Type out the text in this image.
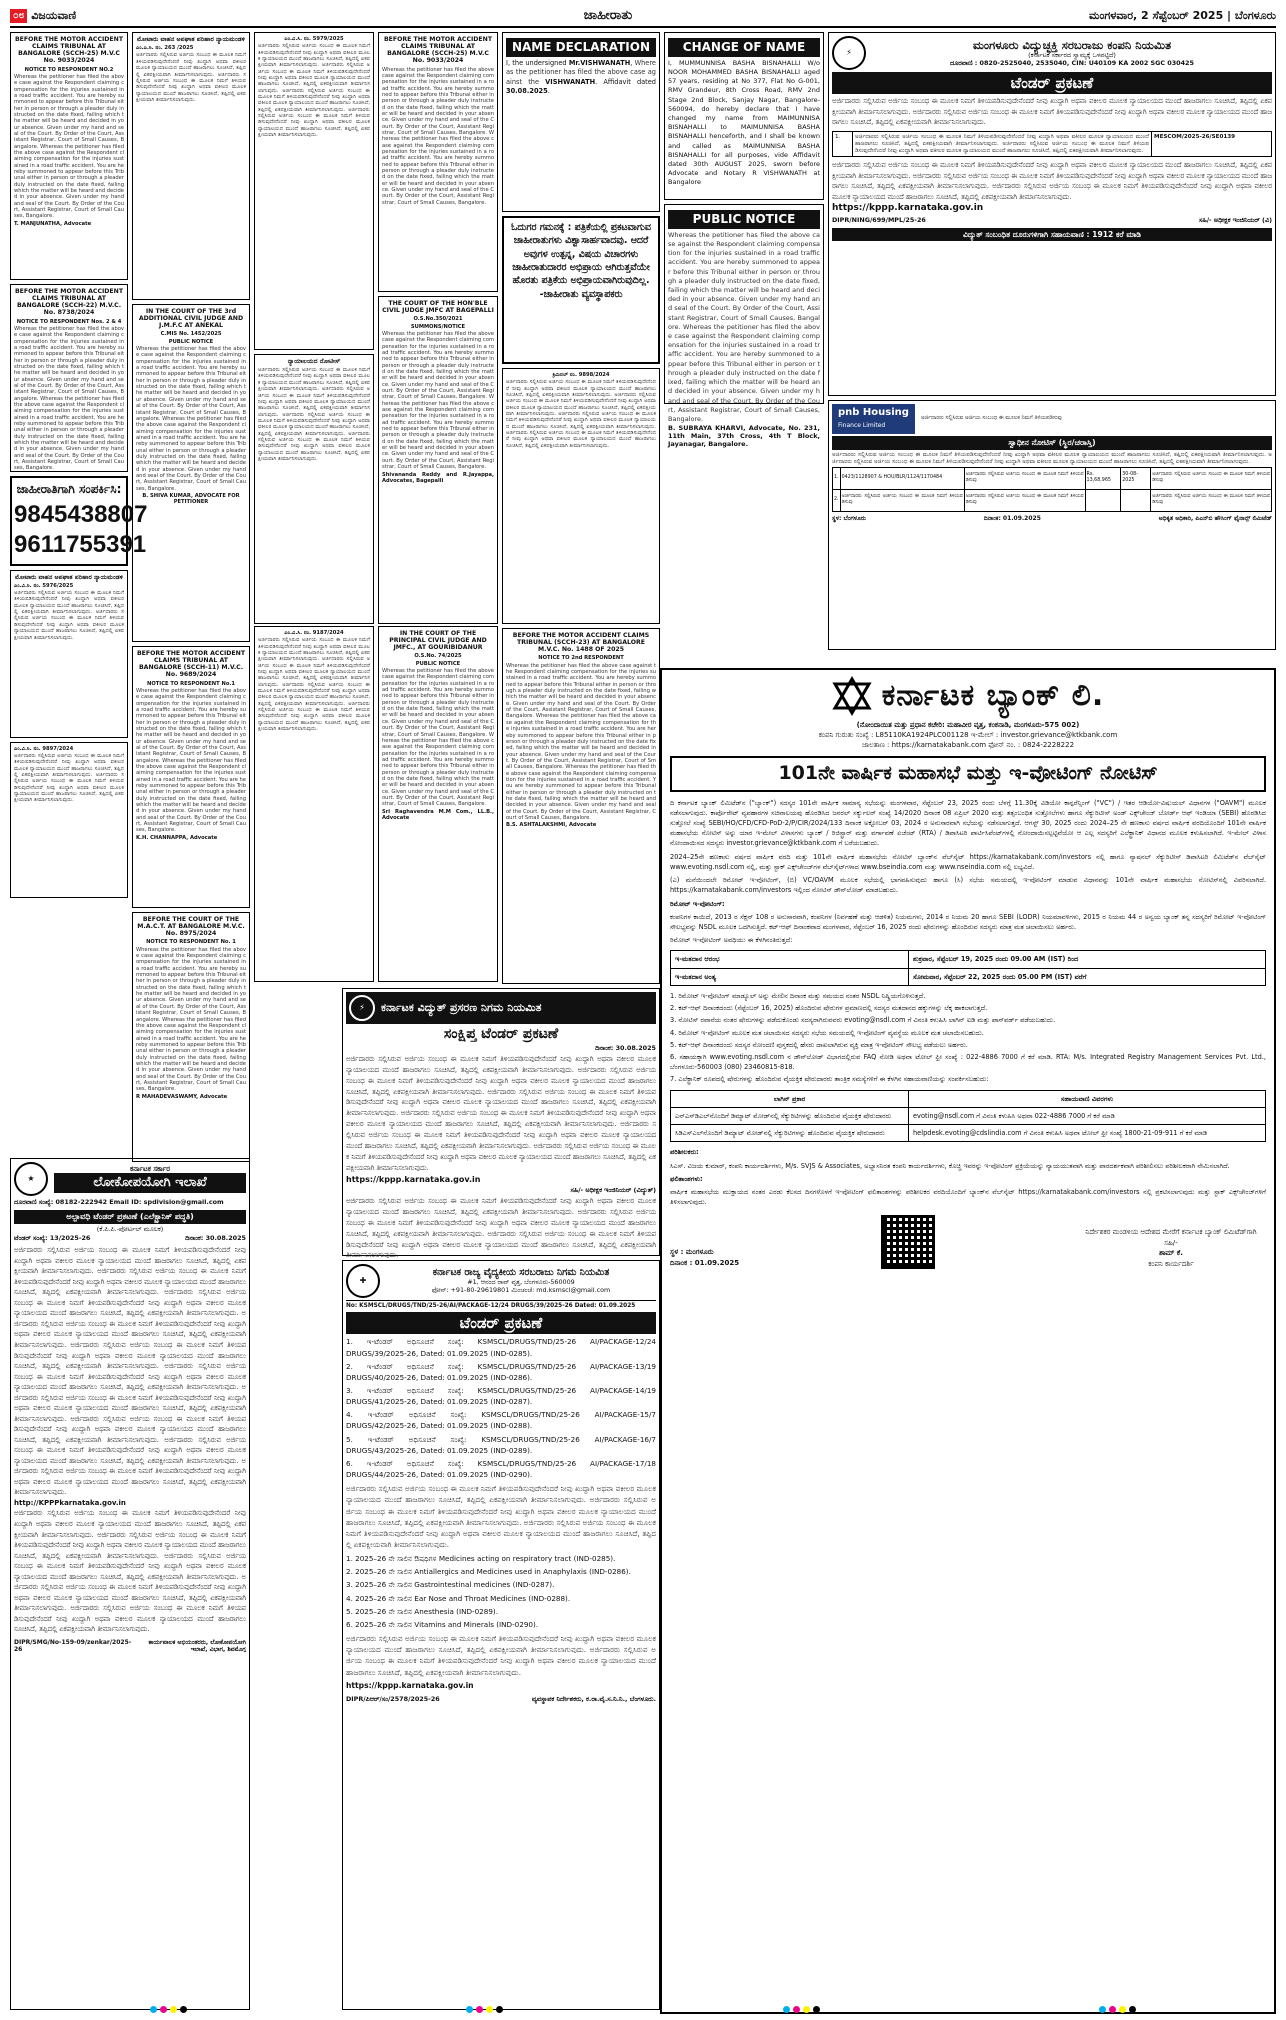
೦೮ ವಿಜಯವಾಣಿ	ಜಾಹೀರಾತು	ಮಂಗಳವಾರ, 2 ಸೆಪ್ಟೆಂಬರ್ 2025 | ಬೆಂಗಳೂರು
BEFORE THE MOTOR ACCIDENT CLAIMS TRIBUNAL AT BANGALORE (SCCH-25) M.V.C No. 9033/2024

NOTICE TO RESPONDENT NO.2

Whereas the petitioner has filed the above case against the Respondent claiming compensation for the injuries sustained in a road traffic accident. You are hereby summoned to appear before this Tribunal either in person or through a pleader duly instructed on the date fixed, failing which the matter will be heard and decided in your absence. Given under my hand and seal of the Court. By Order of the Court, Assistant Registrar, Court of Small Causes, Bangalore. Whereas the petitioner has filed the above case against the Respondent claiming compensation for the injuries sustained in a road traffic accident. You are hereby summoned to appear before this Tribunal either in person or through a pleader duly instructed on the date fixed, failing which the matter will be heard and decided in your absence. Given under my hand and seal of the Court. By Order of the Court, Assistant Registrar, Court of Small Causes, Bangalore.

T. MANJUNATHA, Advocate

BEFORE THE MOTOR ACCIDENT CLAIMS TRIBUNAL AT BANGALORE (SCCH-22) M.V.C. No. 8738/2024

NOTICE TO RESPONDENT Nos. 2 & 4

Whereas the petitioner has filed the above case against the Respondent claiming compensation for the injuries sustained in a road traffic accident. You are hereby summoned to appear before this Tribunal either in person or through a pleader duly instructed on the date fixed, failing which the matter will be heard and decided in your absence. Given under my hand and seal of the Court. By Order of the Court, Assistant Registrar, Court of Small Causes, Bangalore. Whereas the petitioner has filed the above case against the Respondent claiming compensation for the injuries sustained in a road traffic accident. You are hereby summoned to appear before this Tribunal either in person or through a pleader duly instructed on the date fixed, failing which the matter will be heard and decided in your absence. Given under my hand and seal of the Court. By Order of the Court, Assistant Registrar, Court of Small Causes, Bangalore.

ಜಾಹೀರಾತಿಗಾಗಿ ಸಂಪರ್ಕಿಸಿ:
9845438807
9611755391
ಮೋಟಾರು ವಾಹನ ಅಪಘಾತ ಪರಿಹಾರ ನ್ಯಾಯಮಂಡಳಿ

ಎಂ.ವಿ.ಸಿ. ನಂ. 5976/2025

ಅರ್ಜಿದಾರರು ಸಲ್ಲಿಸಿರುವ ಅರ್ಜಿಯ ಸಂಬಂಧ ಈ ಮೂಲಕ ನಿಮಗೆ ತಿಳಿಯಪಡಿಸುವುದೇನೆಂದರೆ ನೀವು ಖುದ್ದಾಗಿ ಅಥವಾ ವಕೀಲರ ಮೂಲಕ ನ್ಯಾಯಾಲಯದ ಮುಂದೆ ಹಾಜರಾಗಲು ಸೂಚಿಸಿದೆ, ತಪ್ಪಿದಲ್ಲಿ ಏಕಪಕ್ಷೀಯವಾಗಿ ತೀರ್ಮಾನಿಸಲಾಗುವುದು. ಅರ್ಜಿದಾರರು ಸಲ್ಲಿಸಿರುವ ಅರ್ಜಿಯ ಸಂಬಂಧ ಈ ಮೂಲಕ ನಿಮಗೆ ತಿಳಿಯಪಡಿಸುವುದೇನೆಂದರೆ ನೀವು ಖುದ್ದಾಗಿ ಅಥವಾ ವಕೀಲರ ಮೂಲಕ ನ್ಯಾಯಾಲಯದ ಮುಂದೆ ಹಾಜರಾಗಲು ಸೂಚಿಸಿದೆ, ತಪ್ಪಿದಲ್ಲಿ ಏಕಪಕ್ಷೀಯವಾಗಿ ತೀರ್ಮಾನಿಸಲಾಗುವುದು.

ಎಂ.ವಿ.ಸಿ. ನಂ. 9897/2024

ಅರ್ಜಿದಾರರು ಸಲ್ಲಿಸಿರುವ ಅರ್ಜಿಯ ಸಂಬಂಧ ಈ ಮೂಲಕ ನಿಮಗೆ ತಿಳಿಯಪಡಿಸುವುದೇನೆಂದರೆ ನೀವು ಖುದ್ದಾಗಿ ಅಥವಾ ವಕೀಲರ ಮೂಲಕ ನ್ಯಾಯಾಲಯದ ಮುಂದೆ ಹಾಜರಾಗಲು ಸೂಚಿಸಿದೆ, ತಪ್ಪಿದಲ್ಲಿ ಏಕಪಕ್ಷೀಯವಾಗಿ ತೀರ್ಮಾನಿಸಲಾಗುವುದು. ಅರ್ಜಿದಾರರು ಸಲ್ಲಿಸಿರುವ ಅರ್ಜಿಯ ಸಂಬಂಧ ಈ ಮೂಲಕ ನಿಮಗೆ ತಿಳಿಯಪಡಿಸುವುದೇನೆಂದರೆ ನೀವು ಖುದ್ದಾಗಿ ಅಥವಾ ವಕೀಲರ ಮೂಲಕ ನ್ಯಾಯಾಲಯದ ಮುಂದೆ ಹಾಜರಾಗಲು ಸೂಚಿಸಿದೆ, ತಪ್ಪಿದಲ್ಲಿ ಏಕಪಕ್ಷೀಯವಾಗಿ ತೀರ್ಮಾನಿಸಲಾಗುವುದು.

ಮೋಟಾರು ವಾಹನ ಅಪಘಾತ ಪರಿಹಾರ ನ್ಯಾಯಮಂಡಳಿ

ಎಂ.ಎ.ಸಿ. ನಂ. 263 /2025

ಅರ್ಜಿದಾರರು ಸಲ್ಲಿಸಿರುವ ಅರ್ಜಿಯ ಸಂಬಂಧ ಈ ಮೂಲಕ ನಿಮಗೆ ತಿಳಿಯಪಡಿಸುವುದೇನೆಂದರೆ ನೀವು ಖುದ್ದಾಗಿ ಅಥವಾ ವಕೀಲರ ಮೂಲಕ ನ್ಯಾಯಾಲಯದ ಮುಂದೆ ಹಾಜರಾಗಲು ಸೂಚಿಸಿದೆ, ತಪ್ಪಿದಲ್ಲಿ ಏಕಪಕ್ಷೀಯವಾಗಿ ತೀರ್ಮಾನಿಸಲಾಗುವುದು. ಅರ್ಜಿದಾರರು ಸಲ್ಲಿಸಿರುವ ಅರ್ಜಿಯ ಸಂಬಂಧ ಈ ಮೂಲಕ ನಿಮಗೆ ತಿಳಿಯಪಡಿಸುವುದೇನೆಂದರೆ ನೀವು ಖುದ್ದಾಗಿ ಅಥವಾ ವಕೀಲರ ಮೂಲಕ ನ್ಯಾಯಾಲಯದ ಮುಂದೆ ಹಾಜರಾಗಲು ಸೂಚಿಸಿದೆ, ತಪ್ಪಿದಲ್ಲಿ ಏಕಪಕ್ಷೀಯವಾಗಿ ತೀರ್ಮಾನಿಸಲಾಗುವುದು.

IN THE COURT OF THE 3rd ADDITIONAL CIVIL JUDGE AND J.M.F.C AT ANEKAL

C.MIS No. 1452/2025

PUBLIC NOTICE

Whereas the petitioner has filed the above case against the Respondent claiming compensation for the injuries sustained in a road traffic accident. You are hereby summoned to appear before this Tribunal either in person or through a pleader duly instructed on the date fixed, failing which the matter will be heard and decided in your absence. Given under my hand and seal of the Court. By Order of the Court, Assistant Registrar, Court of Small Causes, Bangalore. Whereas the petitioner has filed the above case against the Respondent claiming compensation for the injuries sustained in a road traffic accident. You are hereby summoned to appear before this Tribunal either in person or through a pleader duly instructed on the date fixed, failing which the matter will be heard and decided in your absence. Given under my hand and seal of the Court. By Order of the Court, Assistant Registrar, Court of Small Causes, Bangalore.

B. SHIVA KUMAR, ADVOCATE FOR PETITIONER

BEFORE THE MOTOR ACCIDENT CLAIMS TRIBUNAL AT BANGALORE (SCCH-11) M.V.C. No. 9689/2024

NOTICE TO RESPONDENT No.1

Whereas the petitioner has filed the above case against the Respondent claiming compensation for the injuries sustained in a road traffic accident. You are hereby summoned to appear before this Tribunal either in person or through a pleader duly instructed on the date fixed, failing which the matter will be heard and decided in your absence. Given under my hand and seal of the Court. By Order of the Court, Assistant Registrar, Court of Small Causes, Bangalore. Whereas the petitioner has filed the above case against the Respondent claiming compensation for the injuries sustained in a road traffic accident. You are hereby summoned to appear before this Tribunal either in person or through a pleader duly instructed on the date fixed, failing which the matter will be heard and decided in your absence. Given under my hand and seal of the Court. By Order of the Court, Assistant Registrar, Court of Small Causes, Bangalore.

K.H. CHANNAPPA, Advocate

BEFORE THE COURT OF THE M.A.C.T. AT BANGALORE M.V.C. No. 8975/2024

NOTICE TO RESPONDENT No. 1

Whereas the petitioner has filed the above case against the Respondent claiming compensation for the injuries sustained in a road traffic accident. You are hereby summoned to appear before this Tribunal either in person or through a pleader duly instructed on the date fixed, failing which the matter will be heard and decided in your absence. Given under my hand and seal of the Court. By Order of the Court, Assistant Registrar, Court of Small Causes, Bangalore. Whereas the petitioner has filed the above case against the Respondent claiming compensation for the injuries sustained in a road traffic accident. You are hereby summoned to appear before this Tribunal either in person or through a pleader duly instructed on the date fixed, failing which the matter will be heard and decided in your absence. Given under my hand and seal of the Court. By Order of the Court, Assistant Registrar, Court of Small Causes, Bangalore.

R MAHADEVASWAMY, Advocate

★
ಕರ್ನಾಟಕ ಸರ್ಕಾರ
ಲೋಕೋಪಯೋಗಿ ಇಲಾಖೆ

ದೂರವಾಣಿ ಸಂಖ್ಯೆ: 08182-222942 Email ID: spdivision@gmail.com

ಅಲ್ಪಾವಧಿ ಟೆಂಡರ್ ಪ್ರಕಟಣೆ (ಎಲೆಕ್ಟ್ರಾನಿಕ್ ಪದ್ಧತಿ)

(ಕೆ.ಪಿ.ಪಿ.-ಪೋರ್ಟಲ್ ಮೂಲಕ)

ಟೆಂಡರ್ ಸಂಖ್ಯೆ: 13/2025-26	ದಿನಾಂಕ: 30.08.2025

ಅರ್ಜಿದಾರರು ಸಲ್ಲಿಸಿರುವ ಅರ್ಜಿಯ ಸಂಬಂಧ ಈ ಮೂಲಕ ನಿಮಗೆ ತಿಳಿಯಪಡಿಸುವುದೇನೆಂದರೆ ನೀವು ಖುದ್ದಾಗಿ ಅಥವಾ ವಕೀಲರ ಮೂಲಕ ನ್ಯಾಯಾಲಯದ ಮುಂದೆ ಹಾಜರಾಗಲು ಸೂಚಿಸಿದೆ, ತಪ್ಪಿದಲ್ಲಿ ಏಕಪಕ್ಷೀಯವಾಗಿ ತೀರ್ಮಾನಿಸಲಾಗುವುದು. ಅರ್ಜಿದಾರರು ಸಲ್ಲಿಸಿರುವ ಅರ್ಜಿಯ ಸಂಬಂಧ ಈ ಮೂಲಕ ನಿಮಗೆ ತಿಳಿಯಪಡಿಸುವುದೇನೆಂದರೆ ನೀವು ಖುದ್ದಾಗಿ ಅಥವಾ ವಕೀಲರ ಮೂಲಕ ನ್ಯಾಯಾಲಯದ ಮುಂದೆ ಹಾಜರಾಗಲು ಸೂಚಿಸಿದೆ, ತಪ್ಪಿದಲ್ಲಿ ಏಕಪಕ್ಷೀಯವಾಗಿ ತೀರ್ಮಾನಿಸಲಾಗುವುದು. ಅರ್ಜಿದಾರರು ಸಲ್ಲಿಸಿರುವ ಅರ್ಜಿಯ ಸಂಬಂಧ ಈ ಮೂಲಕ ನಿಮಗೆ ತಿಳಿಯಪಡಿಸುವುದೇನೆಂದರೆ ನೀವು ಖುದ್ದಾಗಿ ಅಥವಾ ವಕೀಲರ ಮೂಲಕ ನ್ಯಾಯಾಲಯದ ಮುಂದೆ ಹಾಜರಾಗಲು ಸೂಚಿಸಿದೆ, ತಪ್ಪಿದಲ್ಲಿ ಏಕಪಕ್ಷೀಯವಾಗಿ ತೀರ್ಮಾನಿಸಲಾಗುವುದು. ಅರ್ಜಿದಾರರು ಸಲ್ಲಿಸಿರುವ ಅರ್ಜಿಯ ಸಂಬಂಧ ಈ ಮೂಲಕ ನಿಮಗೆ ತಿಳಿಯಪಡಿಸುವುದೇನೆಂದರೆ ನೀವು ಖುದ್ದಾಗಿ ಅಥವಾ ವಕೀಲರ ಮೂಲಕ ನ್ಯಾಯಾಲಯದ ಮುಂದೆ ಹಾಜರಾಗಲು ಸೂಚಿಸಿದೆ, ತಪ್ಪಿದಲ್ಲಿ ಏಕಪಕ್ಷೀಯವಾಗಿ ತೀರ್ಮಾನಿಸಲಾಗುವುದು. ಅರ್ಜಿದಾರರು ಸಲ್ಲಿಸಿರುವ ಅರ್ಜಿಯ ಸಂಬಂಧ ಈ ಮೂಲಕ ನಿಮಗೆ ತಿಳಿಯಪಡಿಸುವುದೇನೆಂದರೆ ನೀವು ಖುದ್ದಾಗಿ ಅಥವಾ ವಕೀಲರ ಮೂಲಕ ನ್ಯಾಯಾಲಯದ ಮುಂದೆ ಹಾಜರಾಗಲು ಸೂಚಿಸಿದೆ, ತಪ್ಪಿದಲ್ಲಿ ಏಕಪಕ್ಷೀಯವಾಗಿ ತೀರ್ಮಾನಿಸಲಾಗುವುದು. ಅರ್ಜಿದಾರರು ಸಲ್ಲಿಸಿರುವ ಅರ್ಜಿಯ ಸಂಬಂಧ ಈ ಮೂಲಕ ನಿಮಗೆ ತಿಳಿಯಪಡಿಸುವುದೇನೆಂದರೆ ನೀವು ಖುದ್ದಾಗಿ ಅಥವಾ ವಕೀಲರ ಮೂಲಕ ನ್ಯಾಯಾಲಯದ ಮುಂದೆ ಹಾಜರಾಗಲು ಸೂಚಿಸಿದೆ, ತಪ್ಪಿದಲ್ಲಿ ಏಕಪಕ್ಷೀಯವಾಗಿ ತೀರ್ಮಾನಿಸಲಾಗುವುದು. ಅರ್ಜಿದಾರರು ಸಲ್ಲಿಸಿರುವ ಅರ್ಜಿಯ ಸಂಬಂಧ ಈ ಮೂಲಕ ನಿಮಗೆ ತಿಳಿಯಪಡಿಸುವುದೇನೆಂದರೆ ನೀವು ಖುದ್ದಾಗಿ ಅಥವಾ ವಕೀಲರ ಮೂಲಕ ನ್ಯಾಯಾಲಯದ ಮುಂದೆ ಹಾಜರಾಗಲು ಸೂಚಿಸಿದೆ, ತಪ್ಪಿದಲ್ಲಿ ಏಕಪಕ್ಷೀಯವಾಗಿ ತೀರ್ಮಾನಿಸಲಾಗುವುದು. ಅರ್ಜಿದಾರರು ಸಲ್ಲಿಸಿರುವ ಅರ್ಜಿಯ ಸಂಬಂಧ ಈ ಮೂಲಕ ನಿಮಗೆ ತಿಳಿಯಪಡಿಸುವುದೇನೆಂದರೆ ನೀವು ಖುದ್ದಾಗಿ ಅಥವಾ ವಕೀಲರ ಮೂಲಕ ನ್ಯಾಯಾಲಯದ ಮುಂದೆ ಹಾಜರಾಗಲು ಸೂಚಿಸಿದೆ, ತಪ್ಪಿದಲ್ಲಿ ಏಕಪಕ್ಷೀಯವಾಗಿ ತೀರ್ಮಾನಿಸಲಾಗುವುದು. ಅರ್ಜಿದಾರರು ಸಲ್ಲಿಸಿರುವ ಅರ್ಜಿಯ ಸಂಬಂಧ ಈ ಮೂಲಕ ನಿಮಗೆ ತಿಳಿಯಪಡಿಸುವುದೇನೆಂದರೆ ನೀವು ಖುದ್ದಾಗಿ ಅಥವಾ ವಕೀಲರ ಮೂಲಕ ನ್ಯಾಯಾಲಯದ ಮುಂದೆ ಹಾಜರಾಗಲು ಸೂಚಿಸಿದೆ, ತಪ್ಪಿದಲ್ಲಿ ಏಕಪಕ್ಷೀಯವಾಗಿ ತೀರ್ಮಾನಿಸಲಾಗುವುದು. ಅರ್ಜಿದಾರರು ಸಲ್ಲಿಸಿರುವ ಅರ್ಜಿಯ ಸಂಬಂಧ ಈ ಮೂಲಕ ನಿಮಗೆ ತಿಳಿಯಪಡಿಸುವುದೇನೆಂದರೆ ನೀವು ಖುದ್ದಾಗಿ ಅಥವಾ ವಕೀಲರ ಮೂಲಕ ನ್ಯಾಯಾಲಯದ ಮುಂದೆ ಹಾಜರಾಗಲು ಸೂಚಿಸಿದೆ, ತಪ್ಪಿದಲ್ಲಿ ಏಕಪಕ್ಷೀಯವಾಗಿ ತೀರ್ಮಾನಿಸಲಾಗುವುದು.

http://KPPPkarnataka.gov.in

ಅರ್ಜಿದಾರರು ಸಲ್ಲಿಸಿರುವ ಅರ್ಜಿಯ ಸಂಬಂಧ ಈ ಮೂಲಕ ನಿಮಗೆ ತಿಳಿಯಪಡಿಸುವುದೇನೆಂದರೆ ನೀವು ಖುದ್ದಾಗಿ ಅಥವಾ ವಕೀಲರ ಮೂಲಕ ನ್ಯಾಯಾಲಯದ ಮುಂದೆ ಹಾಜರಾಗಲು ಸೂಚಿಸಿದೆ, ತಪ್ಪಿದಲ್ಲಿ ಏಕಪಕ್ಷೀಯವಾಗಿ ತೀರ್ಮಾನಿಸಲಾಗುವುದು. ಅರ್ಜಿದಾರರು ಸಲ್ಲಿಸಿರುವ ಅರ್ಜಿಯ ಸಂಬಂಧ ಈ ಮೂಲಕ ನಿಮಗೆ ತಿಳಿಯಪಡಿಸುವುದೇನೆಂದರೆ ನೀವು ಖುದ್ದಾಗಿ ಅಥವಾ ವಕೀಲರ ಮೂಲಕ ನ್ಯಾಯಾಲಯದ ಮುಂದೆ ಹಾಜರಾಗಲು ಸೂಚಿಸಿದೆ, ತಪ್ಪಿದಲ್ಲಿ ಏಕಪಕ್ಷೀಯವಾಗಿ ತೀರ್ಮಾನಿಸಲಾಗುವುದು. ಅರ್ಜಿದಾರರು ಸಲ್ಲಿಸಿರುವ ಅರ್ಜಿಯ ಸಂಬಂಧ ಈ ಮೂಲಕ ನಿಮಗೆ ತಿಳಿಯಪಡಿಸುವುದೇನೆಂದರೆ ನೀವು ಖುದ್ದಾಗಿ ಅಥವಾ ವಕೀಲರ ಮೂಲಕ ನ್ಯಾಯಾಲಯದ ಮುಂದೆ ಹಾಜರಾಗಲು ಸೂಚಿಸಿದೆ, ತಪ್ಪಿದಲ್ಲಿ ಏಕಪಕ್ಷೀಯವಾಗಿ ತೀರ್ಮಾನಿಸಲಾಗುವುದು. ಅರ್ಜಿದಾರರು ಸಲ್ಲಿಸಿರುವ ಅರ್ಜಿಯ ಸಂಬಂಧ ಈ ಮೂಲಕ ನಿಮಗೆ ತಿಳಿಯಪಡಿಸುವುದೇನೆಂದರೆ ನೀವು ಖುದ್ದಾಗಿ ಅಥವಾ ವಕೀಲರ ಮೂಲಕ ನ್ಯಾಯಾಲಯದ ಮುಂದೆ ಹಾಜರಾಗಲು ಸೂಚಿಸಿದೆ, ತಪ್ಪಿದಲ್ಲಿ ಏಕಪಕ್ಷೀಯವಾಗಿ ತೀರ್ಮಾನಿಸಲಾಗುವುದು. ಅರ್ಜಿದಾರರು ಸಲ್ಲಿಸಿರುವ ಅರ್ಜಿಯ ಸಂಬಂಧ ಈ ಮೂಲಕ ನಿಮಗೆ ತಿಳಿಯಪಡಿಸುವುದೇನೆಂದರೆ ನೀವು ಖುದ್ದಾಗಿ ಅಥವಾ ವಕೀಲರ ಮೂಲಕ ನ್ಯಾಯಾಲಯದ ಮುಂದೆ ಹಾಜರಾಗಲು ಸೂಚಿಸಿದೆ, ತಪ್ಪಿದಲ್ಲಿ ಏಕಪಕ್ಷೀಯವಾಗಿ ತೀರ್ಮಾನಿಸಲಾಗುವುದು.

DIPR/SMG/No-159-09/zenkar/2025-26
ಕಾರ್ಯಪಾಲಕ ಅಭಿಯಂತರರು, ಲೋಕೋಪಯೋಗಿ ಇಲಾಖೆ, ವಿಭಾಗ, ಶಿವಮೊಗ್ಗ

ಎಂ.ವಿ.ಸಿ. ನಂ. 5979/2025

ಅರ್ಜಿದಾರರು ಸಲ್ಲಿಸಿರುವ ಅರ್ಜಿಯ ಸಂಬಂಧ ಈ ಮೂಲಕ ನಿಮಗೆ ತಿಳಿಯಪಡಿಸುವುದೇನೆಂದರೆ ನೀವು ಖುದ್ದಾಗಿ ಅಥವಾ ವಕೀಲರ ಮೂಲಕ ನ್ಯಾಯಾಲಯದ ಮುಂದೆ ಹಾಜರಾಗಲು ಸೂಚಿಸಿದೆ, ತಪ್ಪಿದಲ್ಲಿ ಏಕಪಕ್ಷೀಯವಾಗಿ ತೀರ್ಮಾನಿಸಲಾಗುವುದು. ಅರ್ಜಿದಾರರು ಸಲ್ಲಿಸಿರುವ ಅರ್ಜಿಯ ಸಂಬಂಧ ಈ ಮೂಲಕ ನಿಮಗೆ ತಿಳಿಯಪಡಿಸುವುದೇನೆಂದರೆ ನೀವು ಖುದ್ದಾಗಿ ಅಥವಾ ವಕೀಲರ ಮೂಲಕ ನ್ಯಾಯಾಲಯದ ಮುಂದೆ ಹಾಜರಾಗಲು ಸೂಚಿಸಿದೆ, ತಪ್ಪಿದಲ್ಲಿ ಏಕಪಕ್ಷೀಯವಾಗಿ ತೀರ್ಮಾನಿಸಲಾಗುವುದು. ಅರ್ಜಿದಾರರು ಸಲ್ಲಿಸಿರುವ ಅರ್ಜಿಯ ಸಂಬಂಧ ಈ ಮೂಲಕ ನಿಮಗೆ ತಿಳಿಯಪಡಿಸುವುದೇನೆಂದರೆ ನೀವು ಖುದ್ದಾಗಿ ಅಥವಾ ವಕೀಲರ ಮೂಲಕ ನ್ಯಾಯಾಲಯದ ಮುಂದೆ ಹಾಜರಾಗಲು ಸೂಚಿಸಿದೆ, ತಪ್ಪಿದಲ್ಲಿ ಏಕಪಕ್ಷೀಯವಾಗಿ ತೀರ್ಮಾನಿಸಲಾಗುವುದು. ಅರ್ಜಿದಾರರು ಸಲ್ಲಿಸಿರುವ ಅರ್ಜಿಯ ಸಂಬಂಧ ಈ ಮೂಲಕ ನಿಮಗೆ ತಿಳಿಯಪಡಿಸುವುದೇನೆಂದರೆ ನೀವು ಖುದ್ದಾಗಿ ಅಥವಾ ವಕೀಲರ ಮೂಲಕ ನ್ಯಾಯಾಲಯದ ಮುಂದೆ ಹಾಜರಾಗಲು ಸೂಚಿಸಿದೆ, ತಪ್ಪಿದಲ್ಲಿ ಏಕಪಕ್ಷೀಯವಾಗಿ ತೀರ್ಮಾನಿಸಲಾಗುವುದು.

ನ್ಯಾಯಾಲಯದ ನೋಟೀಸ್

ಅರ್ಜಿದಾರರು ಸಲ್ಲಿಸಿರುವ ಅರ್ಜಿಯ ಸಂಬಂಧ ಈ ಮೂಲಕ ನಿಮಗೆ ತಿಳಿಯಪಡಿಸುವುದೇನೆಂದರೆ ನೀವು ಖುದ್ದಾಗಿ ಅಥವಾ ವಕೀಲರ ಮೂಲಕ ನ್ಯಾಯಾಲಯದ ಮುಂದೆ ಹಾಜರಾಗಲು ಸೂಚಿಸಿದೆ, ತಪ್ಪಿದಲ್ಲಿ ಏಕಪಕ್ಷೀಯವಾಗಿ ತೀರ್ಮಾನಿಸಲಾಗುವುದು. ಅರ್ಜಿದಾರರು ಸಲ್ಲಿಸಿರುವ ಅರ್ಜಿಯ ಸಂಬಂಧ ಈ ಮೂಲಕ ನಿಮಗೆ ತಿಳಿಯಪಡಿಸುವುದೇನೆಂದರೆ ನೀವು ಖುದ್ದಾಗಿ ಅಥವಾ ವಕೀಲರ ಮೂಲಕ ನ್ಯಾಯಾಲಯದ ಮುಂದೆ ಹಾಜರಾಗಲು ಸೂಚಿಸಿದೆ, ತಪ್ಪಿದಲ್ಲಿ ಏಕಪಕ್ಷೀಯವಾಗಿ ತೀರ್ಮಾನಿಸಲಾಗುವುದು. ಅರ್ಜಿದಾರರು ಸಲ್ಲಿಸಿರುವ ಅರ್ಜಿಯ ಸಂಬಂಧ ಈ ಮೂಲಕ ನಿಮಗೆ ತಿಳಿಯಪಡಿಸುವುದೇನೆಂದರೆ ನೀವು ಖುದ್ದಾಗಿ ಅಥವಾ ವಕೀಲರ ಮೂಲಕ ನ್ಯಾಯಾಲಯದ ಮುಂದೆ ಹಾಜರಾಗಲು ಸೂಚಿಸಿದೆ, ತಪ್ಪಿದಲ್ಲಿ ಏಕಪಕ್ಷೀಯವಾಗಿ ತೀರ್ಮಾನಿಸಲಾಗುವುದು. ಅರ್ಜಿದಾರರು ಸಲ್ಲಿಸಿರುವ ಅರ್ಜಿಯ ಸಂಬಂಧ ಈ ಮೂಲಕ ನಿಮಗೆ ತಿಳಿಯಪಡಿಸುವುದೇನೆಂದರೆ ನೀವು ಖುದ್ದಾಗಿ ಅಥವಾ ವಕೀಲರ ಮೂಲಕ ನ್ಯಾಯಾಲಯದ ಮುಂದೆ ಹಾಜರಾಗಲು ಸೂಚಿಸಿದೆ, ತಪ್ಪಿದಲ್ಲಿ ಏಕಪಕ್ಷೀಯವಾಗಿ ತೀರ್ಮಾನಿಸಲಾಗುವುದು.

BEFORE THE MOTOR ACCIDENT CLAIMS TRIBUNAL AT BANGALORE (SCCH-25) M.V.C No. 9033/2024

Whereas the petitioner has filed the above case against the Respondent claiming compensation for the injuries sustained in a road traffic accident. You are hereby summoned to appear before this Tribunal either in person or through a pleader duly instructed on the date fixed, failing which the matter will be heard and decided in your absence. Given under my hand and seal of the Court. By Order of the Court, Assistant Registrar, Court of Small Causes, Bangalore. Whereas the petitioner has filed the above case against the Respondent claiming compensation for the injuries sustained in a road traffic accident. You are hereby summoned to appear before this Tribunal either in person or through a pleader duly instructed on the date fixed, failing which the matter will be heard and decided in your absence. Given under my hand and seal of the Court. By Order of the Court, Assistant Registrar, Court of Small Causes, Bangalore.

THE COURT OF THE HON'BLE CIVIL JUDGE JMFC AT BAGEPALLI

O.S.No.350/2021

SUMMONS/NOTICE

Whereas the petitioner has filed the above case against the Respondent claiming compensation for the injuries sustained in a road traffic accident. You are hereby summoned to appear before this Tribunal either in person or through a pleader duly instructed on the date fixed, failing which the matter will be heard and decided in your absence. Given under my hand and seal of the Court. By Order of the Court, Assistant Registrar, Court of Small Causes, Bangalore. Whereas the petitioner has filed the above case against the Respondent claiming compensation for the injuries sustained in a road traffic accident. You are hereby summoned to appear before this Tribunal either in person or through a pleader duly instructed on the date fixed, failing which the matter will be heard and decided in your absence. Given under my hand and seal of the Court. By Order of the Court, Assistant Registrar, Court of Small Causes, Bangalore.

Shivananda Reddy and R.Jayappa, Advocates, Bagepalli

ಎಂ.ವಿ.ಸಿ. ನಂ. 9187/2024

ಅರ್ಜಿದಾರರು ಸಲ್ಲಿಸಿರುವ ಅರ್ಜಿಯ ಸಂಬಂಧ ಈ ಮೂಲಕ ನಿಮಗೆ ತಿಳಿಯಪಡಿಸುವುದೇನೆಂದರೆ ನೀವು ಖುದ್ದಾಗಿ ಅಥವಾ ವಕೀಲರ ಮೂಲಕ ನ್ಯಾಯಾಲಯದ ಮುಂದೆ ಹಾಜರಾಗಲು ಸೂಚಿಸಿದೆ, ತಪ್ಪಿದಲ್ಲಿ ಏಕಪಕ್ಷೀಯವಾಗಿ ತೀರ್ಮಾನಿಸಲಾಗುವುದು. ಅರ್ಜಿದಾರರು ಸಲ್ಲಿಸಿರುವ ಅರ್ಜಿಯ ಸಂಬಂಧ ಈ ಮೂಲಕ ನಿಮಗೆ ತಿಳಿಯಪಡಿಸುವುದೇನೆಂದರೆ ನೀವು ಖುದ್ದಾಗಿ ಅಥವಾ ವಕೀಲರ ಮೂಲಕ ನ್ಯಾಯಾಲಯದ ಮುಂದೆ ಹಾಜರಾಗಲು ಸೂಚಿಸಿದೆ, ತಪ್ಪಿದಲ್ಲಿ ಏಕಪಕ್ಷೀಯವಾಗಿ ತೀರ್ಮಾನಿಸಲಾಗುವುದು. ಅರ್ಜಿದಾರರು ಸಲ್ಲಿಸಿರುವ ಅರ್ಜಿಯ ಸಂಬಂಧ ಈ ಮೂಲಕ ನಿಮಗೆ ತಿಳಿಯಪಡಿಸುವುದೇನೆಂದರೆ ನೀವು ಖುದ್ದಾಗಿ ಅಥವಾ ವಕೀಲರ ಮೂಲಕ ನ್ಯಾಯಾಲಯದ ಮುಂದೆ ಹಾಜರಾಗಲು ಸೂಚಿಸಿದೆ, ತಪ್ಪಿದಲ್ಲಿ ಏಕಪಕ್ಷೀಯವಾಗಿ ತೀರ್ಮಾನಿಸಲಾಗುವುದು. ಅರ್ಜಿದಾರರು ಸಲ್ಲಿಸಿರುವ ಅರ್ಜಿಯ ಸಂಬಂಧ ಈ ಮೂಲಕ ನಿಮಗೆ ತಿಳಿಯಪಡಿಸುವುದೇನೆಂದರೆ ನೀವು ಖುದ್ದಾಗಿ ಅಥವಾ ವಕೀಲರ ಮೂಲಕ ನ್ಯಾಯಾಲಯದ ಮುಂದೆ ಹಾಜರಾಗಲು ಸೂಚಿಸಿದೆ, ತಪ್ಪಿದಲ್ಲಿ ಏಕಪಕ್ಷೀಯವಾಗಿ ತೀರ್ಮಾನಿಸಲಾಗುವುದು.

IN THE COURT OF THE PRINCIPAL CIVIL JUDGE AND JMFC., AT GOURIBIDANUR

O.S.No. 74/2025

PUBLIC NOTICE

Whereas the petitioner has filed the above case against the Respondent claiming compensation for the injuries sustained in a road traffic accident. You are hereby summoned to appear before this Tribunal either in person or through a pleader duly instructed on the date fixed, failing which the matter will be heard and decided in your absence. Given under my hand and seal of the Court. By Order of the Court, Assistant Registrar, Court of Small Causes, Bangalore. Whereas the petitioner has filed the above case against the Respondent claiming compensation for the injuries sustained in a road traffic accident. You are hereby summoned to appear before this Tribunal either in person or through a pleader duly instructed on the date fixed, failing which the matter will be heard and decided in your absence. Given under my hand and seal of the Court. By Order of the Court, Assistant Registrar, Court of Small Causes, Bangalore.

Sri Raghavendra M.M Com., LL.B., Advocate

⚡	ಕರ್ನಾಟಕ ವಿದ್ಯುತ್ ಪ್ರಸರಣ ನಿಗಮ ನಿಯಮಿತ
ಸಂಕ್ಷಿಪ್ತ ಟೆಂಡರ್ ಪ್ರಕಟಣೆ

ದಿನಾಂಕ: 30.08.2025

ಅರ್ಜಿದಾರರು ಸಲ್ಲಿಸಿರುವ ಅರ್ಜಿಯ ಸಂಬಂಧ ಈ ಮೂಲಕ ನಿಮಗೆ ತಿಳಿಯಪಡಿಸುವುದೇನೆಂದರೆ ನೀವು ಖುದ್ದಾಗಿ ಅಥವಾ ವಕೀಲರ ಮೂಲಕ ನ್ಯಾಯಾಲಯದ ಮುಂದೆ ಹಾಜರಾಗಲು ಸೂಚಿಸಿದೆ, ತಪ್ಪಿದಲ್ಲಿ ಏಕಪಕ್ಷೀಯವಾಗಿ ತೀರ್ಮಾನಿಸಲಾಗುವುದು. ಅರ್ಜಿದಾರರು ಸಲ್ಲಿಸಿರುವ ಅರ್ಜಿಯ ಸಂಬಂಧ ಈ ಮೂಲಕ ನಿಮಗೆ ತಿಳಿಯಪಡಿಸುವುದೇನೆಂದರೆ ನೀವು ಖುದ್ದಾಗಿ ಅಥವಾ ವಕೀಲರ ಮೂಲಕ ನ್ಯಾಯಾಲಯದ ಮುಂದೆ ಹಾಜರಾಗಲು ಸೂಚಿಸಿದೆ, ತಪ್ಪಿದಲ್ಲಿ ಏಕಪಕ್ಷೀಯವಾಗಿ ತೀರ್ಮಾನಿಸಲಾಗುವುದು. ಅರ್ಜಿದಾರರು ಸಲ್ಲಿಸಿರುವ ಅರ್ಜಿಯ ಸಂಬಂಧ ಈ ಮೂಲಕ ನಿಮಗೆ ತಿಳಿಯಪಡಿಸುವುದೇನೆಂದರೆ ನೀವು ಖುದ್ದಾಗಿ ಅಥವಾ ವಕೀಲರ ಮೂಲಕ ನ್ಯಾಯಾಲಯದ ಮುಂದೆ ಹಾಜರಾಗಲು ಸೂಚಿಸಿದೆ, ತಪ್ಪಿದಲ್ಲಿ ಏಕಪಕ್ಷೀಯವಾಗಿ ತೀರ್ಮಾನಿಸಲಾಗುವುದು. ಅರ್ಜಿದಾರರು ಸಲ್ಲಿಸಿರುವ ಅರ್ಜಿಯ ಸಂಬಂಧ ಈ ಮೂಲಕ ನಿಮಗೆ ತಿಳಿಯಪಡಿಸುವುದೇನೆಂದರೆ ನೀವು ಖುದ್ದಾಗಿ ಅಥವಾ ವಕೀಲರ ಮೂಲಕ ನ್ಯಾಯಾಲಯದ ಮುಂದೆ ಹಾಜರಾಗಲು ಸೂಚಿಸಿದೆ, ತಪ್ಪಿದಲ್ಲಿ ಏಕಪಕ್ಷೀಯವಾಗಿ ತೀರ್ಮಾನಿಸಲಾಗುವುದು. ಅರ್ಜಿದಾರರು ಸಲ್ಲಿಸಿರುವ ಅರ್ಜಿಯ ಸಂಬಂಧ ಈ ಮೂಲಕ ನಿಮಗೆ ತಿಳಿಯಪಡಿಸುವುದೇನೆಂದರೆ ನೀವು ಖುದ್ದಾಗಿ ಅಥವಾ ವಕೀಲರ ಮೂಲಕ ನ್ಯಾಯಾಲಯದ ಮುಂದೆ ಹಾಜರಾಗಲು ಸೂಚಿಸಿದೆ, ತಪ್ಪಿದಲ್ಲಿ ಏಕಪಕ್ಷೀಯವಾಗಿ ತೀರ್ಮಾನಿಸಲಾಗುವುದು. ಅರ್ಜಿದಾರರು ಸಲ್ಲಿಸಿರುವ ಅರ್ಜಿಯ ಸಂಬಂಧ ಈ ಮೂಲಕ ನಿಮಗೆ ತಿಳಿಯಪಡಿಸುವುದೇನೆಂದರೆ ನೀವು ಖುದ್ದಾಗಿ ಅಥವಾ ವಕೀಲರ ಮೂಲಕ ನ್ಯಾಯಾಲಯದ ಮುಂದೆ ಹಾಜರಾಗಲು ಸೂಚಿಸಿದೆ, ತಪ್ಪಿದಲ್ಲಿ ಏಕಪಕ್ಷೀಯವಾಗಿ ತೀರ್ಮಾನಿಸಲಾಗುವುದು.

https://kppp.karnataka.gov.in

ಸಹಿ/- ಅಧೀಕ್ಷಕ ಇಂಜಿನಿಯರ್ (ವಿದ್ಯುತ್)

ಅರ್ಜಿದಾರರು ಸಲ್ಲಿಸಿರುವ ಅರ್ಜಿಯ ಸಂಬಂಧ ಈ ಮೂಲಕ ನಿಮಗೆ ತಿಳಿಯಪಡಿಸುವುದೇನೆಂದರೆ ನೀವು ಖುದ್ದಾಗಿ ಅಥವಾ ವಕೀಲರ ಮೂಲಕ ನ್ಯಾಯಾಲಯದ ಮುಂದೆ ಹಾಜರಾಗಲು ಸೂಚಿಸಿದೆ, ತಪ್ಪಿದಲ್ಲಿ ಏಕಪಕ್ಷೀಯವಾಗಿ ತೀರ್ಮಾನಿಸಲಾಗುವುದು. ಅರ್ಜಿದಾರರು ಸಲ್ಲಿಸಿರುವ ಅರ್ಜಿಯ ಸಂಬಂಧ ಈ ಮೂಲಕ ನಿಮಗೆ ತಿಳಿಯಪಡಿಸುವುದೇನೆಂದರೆ ನೀವು ಖುದ್ದಾಗಿ ಅಥವಾ ವಕೀಲರ ಮೂಲಕ ನ್ಯಾಯಾಲಯದ ಮುಂದೆ ಹಾಜರಾಗಲು ಸೂಚಿಸಿದೆ, ತಪ್ಪಿದಲ್ಲಿ ಏಕಪಕ್ಷೀಯವಾಗಿ ತೀರ್ಮಾನಿಸಲಾಗುವುದು. ಅರ್ಜಿದಾರರು ಸಲ್ಲಿಸಿರುವ ಅರ್ಜಿಯ ಸಂಬಂಧ ಈ ಮೂಲಕ ನಿಮಗೆ ತಿಳಿಯಪಡಿಸುವುದೇನೆಂದರೆ ನೀವು ಖುದ್ದಾಗಿ ಅಥವಾ ವಕೀಲರ ಮೂಲಕ ನ್ಯಾಯಾಲಯದ ಮುಂದೆ ಹಾಜರಾಗಲು ಸೂಚಿಸಿದೆ, ತಪ್ಪಿದಲ್ಲಿ ಏಕಪಕ್ಷೀಯವಾಗಿ ತೀರ್ಮಾನಿಸಲಾಗುವುದು.

✚
ಕರ್ನಾಟಕ ರಾಜ್ಯ ವೈದ್ಯಕೀಯ ಸರಬರಾಜು ನಿಗಮ ನಿಯಮಿತ
#1, ಆನಂದ ರಾವ್ ವೃತ್ತ, ಬೆಂಗಳೂರು-560009
ಫೋನ್: +91-80-29619801 ಮಿಂಚಂಚೆ: md.ksmscl@gmail.com

No: KSMSCL/DRUGS/TND/25-26/AI/PACKAGE-12/24 DRUGS/39/2025-26 Dated: 01.09.2025

ಟೆಂಡರ್ ಪ್ರಕಟಣೆ

1. ಇ-ಟೆಂಡರ್ ಅಧಿಸೂಚನೆ ಸಂಖ್ಯೆ: KSMSCL/DRUGS/TND/25-26 AI/PACKAGE-12/24 DRUGS/39/2025-26, Dated: 01.09.2025 (IND-0285).

2. ಇ-ಟೆಂಡರ್ ಅಧಿಸೂಚನೆ ಸಂಖ್ಯೆ: KSMSCL/DRUGS/TND/25-26 AI/PACKAGE-13/19 DRUGS/40/2025-26, Dated: 01.09.2025 (IND-0286).

3. ಇ-ಟೆಂಡರ್ ಅಧಿಸೂಚನೆ ಸಂಖ್ಯೆ: KSMSCL/DRUGS/TND/25-26 AI/PACKAGE-14/19 DRUGS/41/2025-26, Dated: 01.09.2025 (IND-0287).

4. ಇ-ಟೆಂಡರ್ ಅಧಿಸೂಚನೆ ಸಂಖ್ಯೆ: KSMSCL/DRUGS/TND/25-26 AI/PACKAGE-15/7 DRUGS/42/2025-26, Dated: 01.09.2025 (IND-0288).

5. ಇ-ಟೆಂಡರ್ ಅಧಿಸೂಚನೆ ಸಂಖ್ಯೆ: KSMSCL/DRUGS/TND/25-26 AI/PACKAGE-16/7 DRUGS/43/2025-26, Dated: 01.09.2025 (IND-0289).

6. ಇ-ಟೆಂಡರ್ ಅಧಿಸೂಚನೆ ಸಂಖ್ಯೆ: KSMSCL/DRUGS/TND/25-26 AI/PACKAGE-17/18 DRUGS/44/2025-26, Dated: 01.09.2025 (IND-0290).

ಅರ್ಜಿದಾರರು ಸಲ್ಲಿಸಿರುವ ಅರ್ಜಿಯ ಸಂಬಂಧ ಈ ಮೂಲಕ ನಿಮಗೆ ತಿಳಿಯಪಡಿಸುವುದೇನೆಂದರೆ ನೀವು ಖುದ್ದಾಗಿ ಅಥವಾ ವಕೀಲರ ಮೂಲಕ ನ್ಯಾಯಾಲಯದ ಮುಂದೆ ಹಾಜರಾಗಲು ಸೂಚಿಸಿದೆ, ತಪ್ಪಿದಲ್ಲಿ ಏಕಪಕ್ಷೀಯವಾಗಿ ತೀರ್ಮಾನಿಸಲಾಗುವುದು. ಅರ್ಜಿದಾರರು ಸಲ್ಲಿಸಿರುವ ಅರ್ಜಿಯ ಸಂಬಂಧ ಈ ಮೂಲಕ ನಿಮಗೆ ತಿಳಿಯಪಡಿಸುವುದೇನೆಂದರೆ ನೀವು ಖುದ್ದಾಗಿ ಅಥವಾ ವಕೀಲರ ಮೂಲಕ ನ್ಯಾಯಾಲಯದ ಮುಂದೆ ಹಾಜರಾಗಲು ಸೂಚಿಸಿದೆ, ತಪ್ಪಿದಲ್ಲಿ ಏಕಪಕ್ಷೀಯವಾಗಿ ತೀರ್ಮಾನಿಸಲಾಗುವುದು. ಅರ್ಜಿದಾರರು ಸಲ್ಲಿಸಿರುವ ಅರ್ಜಿಯ ಸಂಬಂಧ ಈ ಮೂಲಕ ನಿಮಗೆ ತಿಳಿಯಪಡಿಸುವುದೇನೆಂದರೆ ನೀವು ಖುದ್ದಾಗಿ ಅಥವಾ ವಕೀಲರ ಮೂಲಕ ನ್ಯಾಯಾಲಯದ ಮುಂದೆ ಹಾಜರಾಗಲು ಸೂಚಿಸಿದೆ, ತಪ್ಪಿದಲ್ಲಿ ಏಕಪಕ್ಷೀಯವಾಗಿ ತೀರ್ಮಾನಿಸಲಾಗುವುದು.

1. 2025–26 ನೇ ಸಾಲಿನ ಔಷಧಿಗಳ Medicines acting on respiratory tract (IND-0285).

2. 2025–26 ನೇ ಸಾಲಿನ Antiallergics and Medicines used in Anaphylaxis (IND-0286).

3. 2025–26 ನೇ ಸಾಲಿನ Gastrointestinal medicines (IND-0287).

4. 2025–26 ನೇ ಸಾಲಿನ Ear Nose and Throat Medicines (IND-0288).

5. 2025–26 ನೇ ಸಾಲಿನ Anesthesia (IND-0289).

6. 2025–26 ನೇ ಸಾಲಿನ Vitamins and Minerals (IND-0290).

ಅರ್ಜಿದಾರರು ಸಲ್ಲಿಸಿರುವ ಅರ್ಜಿಯ ಸಂಬಂಧ ಈ ಮೂಲಕ ನಿಮಗೆ ತಿಳಿಯಪಡಿಸುವುದೇನೆಂದರೆ ನೀವು ಖುದ್ದಾಗಿ ಅಥವಾ ವಕೀಲರ ಮೂಲಕ ನ್ಯಾಯಾಲಯದ ಮುಂದೆ ಹಾಜರಾಗಲು ಸೂಚಿಸಿದೆ, ತಪ್ಪಿದಲ್ಲಿ ಏಕಪಕ್ಷೀಯವಾಗಿ ತೀರ್ಮಾನಿಸಲಾಗುವುದು. ಅರ್ಜಿದಾರರು ಸಲ್ಲಿಸಿರುವ ಅರ್ಜಿಯ ಸಂಬಂಧ ಈ ಮೂಲಕ ನಿಮಗೆ ತಿಳಿಯಪಡಿಸುವುದೇನೆಂದರೆ ನೀವು ಖುದ್ದಾಗಿ ಅಥವಾ ವಕೀಲರ ಮೂಲಕ ನ್ಯಾಯಾಲಯದ ಮುಂದೆ ಹಾಜರಾಗಲು ಸೂಚಿಸಿದೆ, ತಪ್ಪಿದಲ್ಲಿ ಏಕಪಕ್ಷೀಯವಾಗಿ ತೀರ್ಮಾನಿಸಲಾಗುವುದು.

https://kppp.karnataka.gov.in

DIPR/ಪಿಆರ್/ಸಂ/2578/2025-26	ವ್ಯವಸ್ಥಾಪಕ ನಿರ್ದೇಶಕರು, ಕ.ರಾ.ವೈ.ಸ.ನಿ.ನಿ., ಬೆಂಗಳೂರು.
NAME DECLARATION

I, the undersigned Mr.VISHWANATH, Whereas the petitioner has filed the above case against the VISHWANATH. Affidavit dated 30.08.2025.

ಓದುಗರ ಗಮನಕ್ಕೆ : ಪತ್ರಿಕೆಯಲ್ಲಿ ಪ್ರಕಟವಾಗುವ ಜಾಹೀರಾತುಗಳು ವಿಶ್ವಾಸಾರ್ಹವಾದವು. ಆದರೆ ಅವುಗಳ ಉತ್ಪನ್ನ, ವಿಷಯ ವಿಚಾರಗಳು ಜಾಹೀರಾತುದಾರರ ಅಭಿಪ್ರಾಯ ಆಗಿರುತ್ತವೆಯೇ ಹೊರತು ಪತ್ರಿಕೆಯ ಅಭಿಪ್ರಾಯವಾಗಿರುವುದಿಲ್ಲ. -ಜಾಹೀರಾತು ವ್ಯವಸ್ಥಾಪಕರು

ಕ್ರಿಮಿನಲ್ ನಂ. 9898/2024

ಅರ್ಜಿದಾರರು ಸಲ್ಲಿಸಿರುವ ಅರ್ಜಿಯ ಸಂಬಂಧ ಈ ಮೂಲಕ ನಿಮಗೆ ತಿಳಿಯಪಡಿಸುವುದೇನೆಂದರೆ ನೀವು ಖುದ್ದಾಗಿ ಅಥವಾ ವಕೀಲರ ಮೂಲಕ ನ್ಯಾಯಾಲಯದ ಮುಂದೆ ಹಾಜರಾಗಲು ಸೂಚಿಸಿದೆ, ತಪ್ಪಿದಲ್ಲಿ ಏಕಪಕ್ಷೀಯವಾಗಿ ತೀರ್ಮಾನಿಸಲಾಗುವುದು. ಅರ್ಜಿದಾರರು ಸಲ್ಲಿಸಿರುವ ಅರ್ಜಿಯ ಸಂಬಂಧ ಈ ಮೂಲಕ ನಿಮಗೆ ತಿಳಿಯಪಡಿಸುವುದೇನೆಂದರೆ ನೀವು ಖುದ್ದಾಗಿ ಅಥವಾ ವಕೀಲರ ಮೂಲಕ ನ್ಯಾಯಾಲಯದ ಮುಂದೆ ಹಾಜರಾಗಲು ಸೂಚಿಸಿದೆ, ತಪ್ಪಿದಲ್ಲಿ ಏಕಪಕ್ಷೀಯವಾಗಿ ತೀರ್ಮಾನಿಸಲಾಗುವುದು. ಅರ್ಜಿದಾರರು ಸಲ್ಲಿಸಿರುವ ಅರ್ಜಿಯ ಸಂಬಂಧ ಈ ಮೂಲಕ ನಿಮಗೆ ತಿಳಿಯಪಡಿಸುವುದೇನೆಂದರೆ ನೀವು ಖುದ್ದಾಗಿ ಅಥವಾ ವಕೀಲರ ಮೂಲಕ ನ್ಯಾಯಾಲಯದ ಮುಂದೆ ಹಾಜರಾಗಲು ಸೂಚಿಸಿದೆ, ತಪ್ಪಿದಲ್ಲಿ ಏಕಪಕ್ಷೀಯವಾಗಿ ತೀರ್ಮಾನಿಸಲಾಗುವುದು. ಅರ್ಜಿದಾರರು ಸಲ್ಲಿಸಿರುವ ಅರ್ಜಿಯ ಸಂಬಂಧ ಈ ಮೂಲಕ ನಿಮಗೆ ತಿಳಿಯಪಡಿಸುವುದೇನೆಂದರೆ ನೀವು ಖುದ್ದಾಗಿ ಅಥವಾ ವಕೀಲರ ಮೂಲಕ ನ್ಯಾಯಾಲಯದ ಮುಂದೆ ಹಾಜರಾಗಲು ಸೂಚಿಸಿದೆ, ತಪ್ಪಿದಲ್ಲಿ ಏಕಪಕ್ಷೀಯವಾಗಿ ತೀರ್ಮಾನಿಸಲಾಗುವುದು.

BEFORE THE MOTOR ACCIDENT CLAIMS TRIBUNAL (SCCH-23) AT BANGALORE M.V.C. No. 1488 OF 2025

NOTICE TO 2nd RESPONDENT

Whereas the petitioner has filed the above case against the Respondent claiming compensation for the injuries sustained in a road traffic accident. You are hereby summoned to appear before this Tribunal either in person or through a pleader duly instructed on the date fixed, failing which the matter will be heard and decided in your absence. Given under my hand and seal of the Court. By Order of the Court, Assistant Registrar, Court of Small Causes, Bangalore. Whereas the petitioner has filed the above case against the Respondent claiming compensation for the injuries sustained in a road traffic accident. You are hereby summoned to appear before this Tribunal either in person or through a pleader duly instructed on the date fixed, failing which the matter will be heard and decided in your absence. Given under my hand and seal of the Court. By Order of the Court, Assistant Registrar, Court of Small Causes, Bangalore. Whereas the petitioner has filed the above case against the Respondent claiming compensation for the injuries sustained in a road traffic accident. You are hereby summoned to appear before this Tribunal either in person or through a pleader duly instructed on the date fixed, failing which the matter will be heard and decided in your absence. Given under my hand and seal of the Court. By Order of the Court, Assistant Registrar, Court of Small Causes, Bangalore.

B.S. ASHTALAKSHMI, Advocate

CHANGE OF NAME

I, MUMMUNNISA BASHA BISNAHALLI W/o NOOR MOHAMMED BASHA BISNAHALLI aged 57 years, residing at No 377, Flat No G-001, RMV Grandeur, 8th Cross Road, RMV 2nd Stage 2nd Block, Sanjay Nagar, Bangalore-560094, do hereby declare that I have changed my name from MAIMUNNISA BISNAHALLI to MAIMUNNISA BASHA BISNAHALLI henceforth, and I shall be known and called as MAIMUNNISA BASHA BISNAHALLI for all purposes, vide Affidavit dated 30th AUGUST 2025, sworn before Advocate and Notary R VISHWANATH at Bangalore

PUBLIC NOTICE

Whereas the petitioner has filed the above case against the Respondent claiming compensation for the injuries sustained in a road traffic accident. You are hereby summoned to appear before this Tribunal either in person or through a pleader duly instructed on the date fixed, failing which the matter will be heard and decided in your absence. Given under my hand and seal of the Court. By Order of the Court, Assistant Registrar, Court of Small Causes, Bangalore. Whereas the petitioner has filed the above case against the Respondent claiming compensation for the injuries sustained in a road traffic accident. You are hereby summoned to appear before this Tribunal either in person or through a pleader duly instructed on the date fixed, failing which the matter will be heard and decided in your absence. Given under my hand and seal of the Court. By Order of the Court, Assistant Registrar, Court of Small Causes, Bangalore.

B. SUBRAYA KHARVI, Advocate, No. 231, 11th Main, 37th Cross, 4th T Block, Jayanagar, Bangalore.

⚡
ಮಂಗಳೂರು ವಿದ್ಯುಚ್ಛಕ್ತಿ ಸರಬರಾಜು ಕಂಪನಿ ನಿಯಮಿತ
(ಕರ್ನಾಟಕ ಸರ್ಕಾರದ ಸ್ವಾಮ್ಯಕ್ಕೆ ಒಳಪಟ್ಟಿದೆ)
ದೂರವಾಣಿ : 0820-2525040, 2535040, CIN: U40109 KA 2002 SGC 030425
ಟೆಂಡರ್ ಪ್ರಕಟಣೆ

ಅರ್ಜಿದಾರರು ಸಲ್ಲಿಸಿರುವ ಅರ್ಜಿಯ ಸಂಬಂಧ ಈ ಮೂಲಕ ನಿಮಗೆ ತಿಳಿಯಪಡಿಸುವುದೇನೆಂದರೆ ನೀವು ಖುದ್ದಾಗಿ ಅಥವಾ ವಕೀಲರ ಮೂಲಕ ನ್ಯಾಯಾಲಯದ ಮುಂದೆ ಹಾಜರಾಗಲು ಸೂಚಿಸಿದೆ, ತಪ್ಪಿದಲ್ಲಿ ಏಕಪಕ್ಷೀಯವಾಗಿ ತೀರ್ಮಾನಿಸಲಾಗುವುದು. ಅರ್ಜಿದಾರರು ಸಲ್ಲಿಸಿರುವ ಅರ್ಜಿಯ ಸಂಬಂಧ ಈ ಮೂಲಕ ನಿಮಗೆ ತಿಳಿಯಪಡಿಸುವುದೇನೆಂದರೆ ನೀವು ಖುದ್ದಾಗಿ ಅಥವಾ ವಕೀಲರ ಮೂಲಕ ನ್ಯಾಯಾಲಯದ ಮುಂದೆ ಹಾಜರಾಗಲು ಸೂಚಿಸಿದೆ, ತಪ್ಪಿದಲ್ಲಿ ಏಕಪಕ್ಷೀಯವಾಗಿ ತೀರ್ಮಾನಿಸಲಾಗುವುದು.

1.	ಅರ್ಜಿದಾರರು ಸಲ್ಲಿಸಿರುವ ಅರ್ಜಿಯ ಸಂಬಂಧ ಈ ಮೂಲಕ ನಿಮಗೆ ತಿಳಿಯಪಡಿಸುವುದೇನೆಂದರೆ ನೀವು ಖುದ್ದಾಗಿ ಅಥವಾ ವಕೀಲರ ಮೂಲಕ ನ್ಯಾಯಾಲಯದ ಮುಂದೆ ಹಾಜರಾಗಲು ಸೂಚಿಸಿದೆ, ತಪ್ಪಿದಲ್ಲಿ ಏಕಪಕ್ಷೀಯವಾಗಿ ತೀರ್ಮಾನಿಸಲಾಗುವುದು. ಅರ್ಜಿದಾರರು ಸಲ್ಲಿಸಿರುವ ಅರ್ಜಿಯ ಸಂಬಂಧ ಈ ಮೂಲಕ ನಿಮಗೆ ತಿಳಿಯಪಡಿಸುವುದೇನೆಂದರೆ ನೀವು ಖುದ್ದಾಗಿ ಅಥವಾ ವಕೀಲರ ಮೂಲಕ ನ್ಯಾಯಾಲಯದ ಮುಂದೆ ಹಾಜರಾಗಲು ಸೂಚಿಸಿದೆ, ತಪ್ಪಿದಲ್ಲಿ ಏಕಪಕ್ಷೀಯವಾಗಿ ತೀರ್ಮಾನಿಸಲಾಗುವುದು.	MESCOM/2025-26/SE0139

ಅರ್ಜಿದಾರರು ಸಲ್ಲಿಸಿರುವ ಅರ್ಜಿಯ ಸಂಬಂಧ ಈ ಮೂಲಕ ನಿಮಗೆ ತಿಳಿಯಪಡಿಸುವುದೇನೆಂದರೆ ನೀವು ಖುದ್ದಾಗಿ ಅಥವಾ ವಕೀಲರ ಮೂಲಕ ನ್ಯಾಯಾಲಯದ ಮುಂದೆ ಹಾಜರಾಗಲು ಸೂಚಿಸಿದೆ, ತಪ್ಪಿದಲ್ಲಿ ಏಕಪಕ್ಷೀಯವಾಗಿ ತೀರ್ಮಾನಿಸಲಾಗುವುದು. ಅರ್ಜಿದಾರರು ಸಲ್ಲಿಸಿರುವ ಅರ್ಜಿಯ ಸಂಬಂಧ ಈ ಮೂಲಕ ನಿಮಗೆ ತಿಳಿಯಪಡಿಸುವುದೇನೆಂದರೆ ನೀವು ಖುದ್ದಾಗಿ ಅಥವಾ ವಕೀಲರ ಮೂಲಕ ನ್ಯಾಯಾಲಯದ ಮುಂದೆ ಹಾಜರಾಗಲು ಸೂಚಿಸಿದೆ, ತಪ್ಪಿದಲ್ಲಿ ಏಕಪಕ್ಷೀಯವಾಗಿ ತೀರ್ಮಾನಿಸಲಾಗುವುದು. ಅರ್ಜಿದಾರರು ಸಲ್ಲಿಸಿರುವ ಅರ್ಜಿಯ ಸಂಬಂಧ ಈ ಮೂಲಕ ನಿಮಗೆ ತಿಳಿಯಪಡಿಸುವುದೇನೆಂದರೆ ನೀವು ಖುದ್ದಾಗಿ ಅಥವಾ ವಕೀಲರ ಮೂಲಕ ನ್ಯಾಯಾಲಯದ ಮುಂದೆ ಹಾಜರಾಗಲು ಸೂಚಿಸಿದೆ, ತಪ್ಪಿದಲ್ಲಿ ಏಕಪಕ್ಷೀಯವಾಗಿ ತೀರ್ಮಾನಿಸಲಾಗುವುದು.

https://kppp.karnataka.gov.in

DIPR/NING/699/MPL/25-26	ಸಹಿ/- ಅಧೀಕ್ಷಕ ಇಂಜಿನಿಯರ್ (ವಿ)
ವಿದ್ಯುತ್ ಸಂಬಂಧಿತ ದೂರುಗಳಿಗಾಗಿ ಸಹಾಯವಾಣಿ : 1912 ಕರೆ ಮಾಡಿ
pnb Housing
Finance Limited

ಅರ್ಜಿದಾರರು ಸಲ್ಲಿಸಿರುವ ಅರ್ಜಿಯ ಸಂಬಂಧ ಈ ಮೂಲಕ ನಿಮಗೆ ತಿಳಿಯಪಡಿಸುವು

ಸ್ವಾಧೀನ ನೋಟಿಸ್ (ಸ್ಥಿರ/ಚರಾಸ್ತಿ)

ಅರ್ಜಿದಾರರು ಸಲ್ಲಿಸಿರುವ ಅರ್ಜಿಯ ಸಂಬಂಧ ಈ ಮೂಲಕ ನಿಮಗೆ ತಿಳಿಯಪಡಿಸುವುದೇನೆಂದರೆ ನೀವು ಖುದ್ದಾಗಿ ಅಥವಾ ವಕೀಲರ ಮೂಲಕ ನ್ಯಾಯಾಲಯದ ಮುಂದೆ ಹಾಜರಾಗಲು ಸೂಚಿಸಿದೆ, ತಪ್ಪಿದಲ್ಲಿ ಏಕಪಕ್ಷೀಯವಾಗಿ ತೀರ್ಮಾನಿಸಲಾಗುವುದು. ಅರ್ಜಿದಾರರು ಸಲ್ಲಿಸಿರುವ ಅರ್ಜಿಯ ಸಂಬಂಧ ಈ ಮೂಲಕ ನಿಮಗೆ ತಿಳಿಯಪಡಿಸುವುದೇನೆಂದರೆ ನೀವು ಖುದ್ದಾಗಿ ಅಥವಾ ವಕೀಲರ ಮೂಲಕ ನ್ಯಾಯಾಲಯದ ಮುಂದೆ ಹಾಜರಾಗಲು ಸೂಚಿಸಿದೆ, ತಪ್ಪಿದಲ್ಲಿ ಏಕಪಕ್ಷೀಯವಾಗಿ ತೀರ್ಮಾನಿಸಲಾಗುವುದು.

1.	0423/1128907 & HOU/BLR/1124/1170484	ಅರ್ಜಿದಾರರು ಸಲ್ಲಿಸಿರುವ ಅರ್ಜಿಯ ಸಂಬಂಧ ಈ ಮೂಲಕ ನಿಮಗೆ ತಿಳಿಯಪಡಿಸುವು	Rs. 13,68,965	30-08-2025	ಅರ್ಜಿದಾರರು ಸಲ್ಲಿಸಿರುವ ಅರ್ಜಿಯ ಸಂಬಂಧ ಈ ಮೂಲಕ ನಿಮಗೆ ತಿಳಿಯಪಡಿಸುವು
2.	ಅರ್ಜಿದಾರರು ಸಲ್ಲಿಸಿರುವ ಅರ್ಜಿಯ ಸಂಬಂಧ ಈ ಮೂಲಕ ನಿಮಗೆ ತಿಳಿಯಪಡಿಸುವು	ಅರ್ಜಿದಾರರು ಸಲ್ಲಿಸಿರುವ ಅರ್ಜಿಯ ಸಂಬಂಧ ಈ ಮೂಲಕ ನಿಮಗೆ ತಿಳಿಯಪಡಿಸುವು			ಅರ್ಜಿದಾರರು ಸಲ್ಲಿಸಿರುವ ಅರ್ಜಿಯ ಸಂಬಂಧ ಈ ಮೂಲಕ ನಿಮಗೆ ತಿಳಿಯಪಡಿಸುವು
ಸ್ಥಳ: ಬೆಂಗಳೂರು	ದಿನಾಂಕ: 01.09.2025	ಅಧಿಕೃತ ಅಧಿಕಾರಿ, ಪಿಎನ್‌ಬಿ ಹೌಸಿಂಗ್ ಫೈನಾನ್ಸ್ ಲಿಮಿಟೆಡ್
ಕರ್ನಾಟಕ ಬ್ಯಾಂಕ್ ಲಿ.
(ನೋಂದಾಯಿತ ಮತ್ತು ಪ್ರಧಾನ ಕಚೇರಿ: ಮಹಾವೀರ ವೃತ್ತ, ಕಂಕನಾಡಿ, ಮಂಗಳೂರು-575 002)
ಕಂಪನಿ ಗುರುತು ಸಂಖ್ಯೆ : L85110KA1924PLC001128 ಇ-ಮೇಲ್ : investor.grievance@ktkbank.com
ಜಾಲತಾಣ : https://karnatakabank.com ಫೋನ್ ನಂ. : 0824-2228222
101ನೇ ವಾರ್ಷಿಕ ಮಹಾಸಭೆ ಮತ್ತು ಇ-ವೋಟಿಂಗ್ ನೋಟಿಸ್

ದಿ ಕರ್ನಾಟಕ ಬ್ಯಾಂಕ್ ಲಿಮಿಟೆಡ್‌ನ ("ಬ್ಯಾಂಕ್") ಸದಸ್ಯರ 101ನೇ ವಾರ್ಷಿಕ ಸಾಮಾನ್ಯ ಸಭೆಯನ್ನು ಮಂಗಳವಾರ, ಸೆಪ್ಟೆಂಬರ್ 23, 2025 ರಂದು ಬೆಳಗ್ಗೆ 11.30ಕ್ಕೆ ವಿಡಿಯೋ ಕಾನ್ಫರೆನ್ಸಿಂಗ್ ("VC") / ಇತರ ಆಡಿಯೋ-ವಿಷುಯಲ್ ವಿಧಾನಗಳ ("OAVM") ಮೂಲಕ ನಡೆಸಲಾಗುವುದು. ಕಾರ್ಪೊರೇಟ್ ವ್ಯವಹಾರಗಳ ಸಚಿವಾಲಯವು ಹೊರಡಿಸಿದ ಜನರಲ್ ಸರ್ಕ್ಯುಲರ್ ಸಂಖ್ಯೆ 14/2020 ದಿನಾಂಕ 08 ಏಪ್ರಿಲ್ 2020 ಮತ್ತು ತತ್ಸಂಬಂಧಿತ ಸುತ್ತೋಲೆಗಳು ಹಾಗೂ ಸೆಕ್ಯುರಿಟೀಸ್ ಅಂಡ್ ಎಕ್ಸ್‌ಚೇಂಜ್ ಬೋರ್ಡ್ ಆಫ್ ಇಂಡಿಯಾ (SEBI) ಹೊರಡಿಸಿದ ಸುತ್ತೋಲೆ ಸಂಖ್ಯೆ SEBI/HO/CFD/CFD-PoD-2/P/CIR/2024/133 ದಿನಾಂಕ ಅಕ್ಟೋಬರ್ 03, 2024 ರ ಅನುಸಾರವಾಗಿ ಸಭೆಯನ್ನು ನಡೆಸಲಾಗುತ್ತದೆ. ಆಗಸ್ಟ್ 30, 2025 ರಂದು 2024–25 ನೇ ಹಣಕಾಸು ವರ್ಷದ ವಾರ್ಷಿಕ ವರದಿಯೊಂದಿಗೆ 101ನೇ ವಾರ್ಷಿಕ ಮಹಾಸಭೆಯ ನೋಟಿಸ್ ಅನ್ನು ಯಾರ ಇ-ಮೇಲ್ ವಿಳಾಸಗಳು ಬ್ಯಾಂಕ್ / ರಿಜಿಸ್ಟ್ರಾರ್ ಮತ್ತು ವರ್ಗಾವಣೆ ಏಜೆಂಟ್ (RTA) / ಡಿಪಾಸಿಟರಿ ಪಾರ್ಟಿಸಿಪೆಂಟ್‌ಗಳಲ್ಲಿ ನೋಂದಾಯಿಸಲ್ಪಟ್ಟಿವೆಯೋ ಆ ಎಲ್ಲ ಸದಸ್ಯರಿಗೆ ಎಲೆಕ್ಟ್ರಾನಿಕ್ ವಿಧಾನದ ಮೂಲಕ ಕಳುಹಿಸಲಾಗಿದೆ. ಇ-ಮೇಲ್ ವಿಳಾಸ ನೋಂದಾಯಿಸದ ಸದಸ್ಯರು investor.grievance@ktkbank.com ಗೆ ಬರೆಯಬಹುದು.

2024–25ನೇ ಹಣಕಾಸು ವರ್ಷದ ವಾರ್ಷಿಕ ವರದಿ ಮತ್ತು 101ನೇ ವಾರ್ಷಿಕ ಮಹಾಸಭೆಯ ನೋಟಿಸ್ ಬ್ಯಾಂಕ್‌ನ ವೆಬ್‌ಸೈಟ್ https://karnatakabank.com/investors ನಲ್ಲಿ ಹಾಗೂ ನ್ಯಾಷನಲ್ ಸೆಕ್ಯುರಿಟೀಸ್ ಡಿಪಾಸಿಟರಿ ಲಿಮಿಟೆಡ್‌ನ ವೆಬ್‌ಸೈಟ್ www.evoting.nsdl.com ನಲ್ಲಿ, ಮತ್ತು ಸ್ಟಾಕ್ ಎಕ್ಸ್‌ಚೇಂಜ್‌ಗಳ ವೆಬ್‌ಸೈಟ್‌ಗಳಾದ www.bseindia.com ಮತ್ತು www.nseindia.com ನಲ್ಲಿ ಲಭ್ಯವಿದೆ.

(ಎ) ಮನೆಯಿಂದಲೇ ರಿಮೋಟ್ ಇ-ವೋಟಿಂಗ್, (ಬಿ) VC/OAVM ಮೂಲಕ ಸಭೆಯಲ್ಲಿ ಭಾಗವಹಿಸುವುದು ಹಾಗೂ (ಸಿ) ಸಭೆಯ ಸಮಯದಲ್ಲಿ ಇ-ವೋಟಿಂಗ್ ಮಾಡುವ ವಿಧಾನವನ್ನು 101ನೇ ವಾರ್ಷಿಕ ಮಹಾಸಭೆಯ ನೋಟಿಸ್‌ನಲ್ಲಿ ವಿವರಿಸಲಾಗಿದೆ. https://karnatakabank.com/investors ಇಲ್ಲಿಂದ ನೋಟಿಸ್ ಡೌನ್‌ಲೋಡ್ ಮಾಡಬಹುದು.

ರಿಮೋಟ್ ಇ-ವೋಟಿಂಗ್:

ಕಂಪನಿಗಳ ಕಾಯಿದೆ, 2013 ರ ಸೆಕ್ಷನ್ 108 ರ ಅನುಸಾರವಾಗಿ, ಕಂಪನಿಗಳ (ನಿರ್ವಹಣೆ ಮತ್ತು ಆಡಳಿತ) ನಿಯಮಗಳು, 2014 ರ ನಿಯಮ 20 ಹಾಗೂ SEBI (LODR) ನಿಯಮಾವಳಿಗಳು, 2015 ರ ನಿಯಮ 44 ರ ಅನ್ವಯ ಬ್ಯಾಂಕ್ ತನ್ನ ಸದಸ್ಯರಿಗೆ ರಿಮೋಟ್ ಇ-ವೋಟಿಂಗ್ ಸೌಲಭ್ಯವನ್ನು NSDL ಮೂಲಕ ಒದಗಿಸುತ್ತಿದೆ. ಕಟ್-ಆಫ್ ದಿನಾಂಕವಾದ ಮಂಗಳವಾರ, ಸೆಪ್ಟೆಂಬರ್ 16, 2025 ರಂದು ಷೇರುಗಳನ್ನು ಹೊಂದಿರುವ ಸದಸ್ಯರು ಮಾತ್ರ ಮತ ಚಲಾಯಿಸಲು ಅರ್ಹರು.

ರಿಮೋಟ್ ಇ-ವೋಟಿಂಗ್ ಅವಧಿಯು ಈ ಕೆಳಗಿನಂತಿರುತ್ತದೆ:

ಇ-ಮತದಾನ ಆರಂಭ	ಶುಕ್ರವಾರ, ಸೆಪ್ಟೆಂಬರ್ 19, 2025 ರಂದು 09.00 AM (IST) ರಿಂದ
ಇ-ಮತದಾನ ಅಂತ್ಯ	ಸೋಮವಾರ, ಸೆಪ್ಟೆಂಬರ್ 22, 2025 ರಂದು 05.00 PM (IST) ವರೆಗೆ

1. ರಿಮೋಟ್ ಇ-ವೋಟಿಂಗ್ ಮಾಡ್ಯೂಲ್ ಅನ್ನು ಮೇಲಿನ ದಿನಾಂಕ ಮತ್ತು ಸಮಯದ ನಂತರ NSDL ನಿಷ್ಕ್ರಿಯಗೊಳಿಸುತ್ತದೆ.

2. ಕಟ್-ಆಫ್ ದಿನಾಂಕದಂದು (ಸೆಪ್ಟೆಂಬರ್ 16, 2025) ಹೊಂದಿರುವ ಷೇರುಗಳ ಪ್ರಮಾಣದಲ್ಲಿ ಸದಸ್ಯರ ಮತದಾನದ ಹಕ್ಕುಗಳನ್ನು ಲೆಕ್ಕ ಹಾಕಲಾಗುತ್ತದೆ.

3. ನೋಟಿಸ್ ರವಾನೆಯ ನಂತರ ಷೇರುಗಳನ್ನು ಪಡೆದುಕೊಂಡು ಸದಸ್ಯರಾಗಿರುವವರು evoting@nsdl.com ಗೆ ವಿನಂತಿ ಕಳುಹಿಸಿ ಲಾಗಿನ್ ಐಡಿ ಮತ್ತು ಪಾಸ್‌ವರ್ಡ್ ಪಡೆಯಬಹುದು.

4. ರಿಮೋಟ್ ಇ-ವೋಟಿಂಗ್ ಮೂಲಕ ಮತ ಚಲಾಯಿಸದ ಸದಸ್ಯರು ಸಭೆಯ ಸಮಯದಲ್ಲಿ ಇ-ವೋಟಿಂಗ್ ವ್ಯವಸ್ಥೆಯ ಮೂಲಕ ಮತ ಚಲಾಯಿಸಬಹುದು.

5. ಕಟ್-ಆಫ್ ದಿನಾಂಕದಂದು ಸದಸ್ಯರ ನೋಂದಣಿ ಪುಸ್ತಕದಲ್ಲಿ ಹೆಸರು ದಾಖಲಾಗಿರುವ ವ್ಯಕ್ತಿ ಮಾತ್ರ ಇ-ವೋಟಿಂಗ್ ಸೌಲಭ್ಯ ಪಡೆಯಲು ಅರ್ಹರು.

6. ಸಹಾಯಕ್ಕಾಗಿ www.evoting.nsdl.com ನ ಡೌನ್‌ಲೋಡ್ ವಿಭಾಗದಲ್ಲಿರುವ FAQ ನೋಡಿ ಅಥವಾ ಟೋಲ್ ಫ್ರೀ ಸಂಖ್ಯೆ : 022-4886 7000 ಗೆ ಕರೆ ಮಾಡಿ. RTA: M/s. Integrated Registry Management Services Pvt. Ltd., ಬೆಂಗಳೂರು-560003 (080) 23460815-818.

7. ಎಲೆಕ್ಟ್ರಾನಿಕ್ ರೂಪದಲ್ಲಿ ಷೇರುಗಳನ್ನು ಹೊಂದಿರುವ ವೈಯಕ್ತಿಕ ಷೇರುದಾರರು ತಾಂತ್ರಿಕ ಸಮಸ್ಯೆಗಳಿಗೆ ಈ ಕೆಳಗಿನ ಸಹಾಯವಾಣಿಯನ್ನು ಸಂಪರ್ಕಿಸಬಹುದು:

ಲಾಗಿನ್ ಪ್ರಕಾರ	ಸಹಾಯವಾಣಿ ವಿವರಗಳು
ಎನ್‌ಎಸ್‌ಡಿಎಲ್‌ನೊಂದಿಗೆ ಡಿಮ್ಯಾಟ್ ಮೋಡ್‌ನಲ್ಲಿ ಸೆಕ್ಯುರಿಟಿಗಳನ್ನು ಹೊಂದಿರುವ ವೈಯಕ್ತಿಕ ಷೇರುದಾರರು	evoting@nsdl.com ಗೆ ವಿನಂತಿ ಕಳುಹಿಸಿ ಅಥವಾ 022-4886 7000 ಗೆ ಕರೆ ಮಾಡಿ
ಸಿಡಿಎಸ್‌ಎಲ್‌ನೊಂದಿಗೆ ಡಿಮ್ಯಾಟ್ ಮೋಡ್‌ನಲ್ಲಿ ಸೆಕ್ಯುರಿಟಿಗಳನ್ನು ಹೊಂದಿರುವ ವೈಯಕ್ತಿಕ ಷೇರುದಾರರು	helpdesk.evoting@cdslindia.com ಗೆ ವಿನಂತಿ ಕಳುಹಿಸಿ ಅಥವಾ ಟೋಲ್ ಫ್ರೀ ಸಂಖ್ಯೆ 1800-21-09-911 ಗೆ ಕರೆ ಮಾಡಿ

ಪರಿಶೀಲಕರು:

ಸಿಎಸ್. ವಿಜಯ ಕುಮಾರ್, ಕಂಪನಿ ಕಾರ್ಯದರ್ಶಿಗಳು, M/s. SVJS & Associates, ಅಭ್ಯಾಸನಿರತ ಕಂಪನಿ ಕಾರ್ಯದರ್ಶಿಗಳು, ಕೊಚ್ಚಿ ಇವರನ್ನು ಇ-ವೋಟಿಂಗ್ ಪ್ರಕ್ರಿಯೆಯನ್ನು ನ್ಯಾಯಯುತವಾಗಿ ಮತ್ತು ಪಾರದರ್ಶಕವಾಗಿ ಪರಿಶೀಲಿಸಲು ಪರಿಶೀಲಕರಾಗಿ ನೇಮಿಸಲಾಗಿದೆ.

ಫಲಿತಾಂಶಗಳು:

ವಾರ್ಷಿಕ ಮಹಾಸಭೆಯ ಮುಕ್ತಾಯದ ನಂತರ ಎರಡು ಕೆಲಸದ ದಿನಗಳೊಳಗೆ ಇ-ವೋಟಿಂಗ್ ಫಲಿತಾಂಶಗಳನ್ನು ಪರಿಶೀಲಕರ ವರದಿಯೊಂದಿಗೆ ಬ್ಯಾಂಕ್‌ನ ವೆಬ್‌ಸೈಟ್ https://karnatakabank.com/investors ನಲ್ಲಿ ಪ್ರಕಟಿಸಲಾಗುವುದು ಮತ್ತು ಸ್ಟಾಕ್ ಎಕ್ಸ್‌ಚೇಂಜ್‌ಗಳಿಗೆ ತಿಳಿಸಲಾಗುವುದು.

ಸ್ಥಳ : ಮಂಗಳೂರು
ದಿನಾಂಕ : 01.09.2025
ನಿರ್ದೇಶಕರ ಮಂಡಳಿಯ ಆದೇಶದ ಮೇರೆಗೆ ಕರ್ನಾಟಕ ಬ್ಯಾಂಕ್ ಲಿಮಿಟೆಡ್‌ಗಾಗಿ
ಸಹಿ/-
ಶಾಮ್ ಕೆ.
ಕಂಪನಿ ಕಾರ್ಯದರ್ಶಿ
